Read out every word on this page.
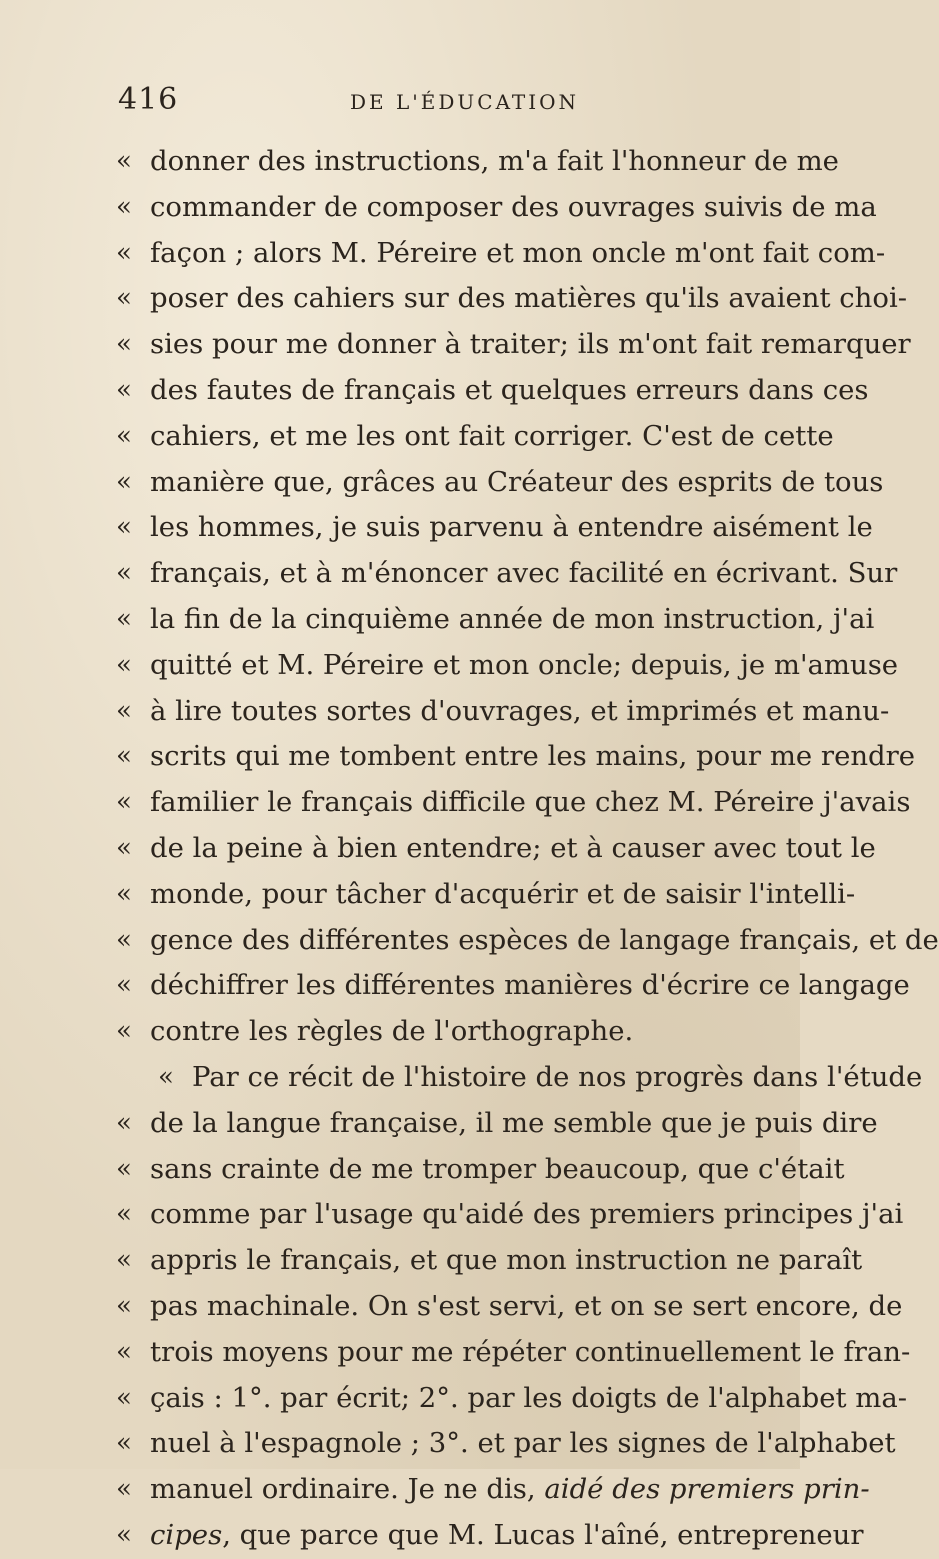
416	DE L'ÉDUCATION
« donner des instructions, m'a fait l'honneur de me
« commander de composer des ouvrages suivis de ma
« façon ; alors M. Péreire et mon oncle m'ont fait com-
« poser des cahiers sur des matières qu'ils avaient choi-
« sies pour me donner à traiter; ils m'ont fait remarquer
« des fautes de français et quelques erreurs dans ces
« cahiers, et me les ont fait corriger. C'est de cette
« manière que, grâces au Créateur des esprits de tous
« les hommes, je suis parvenu à entendre aisément le
« français, et à m'énoncer avec facilité en écrivant. Sur
« la fin de la cinquième année de mon instruction, j'ai
« quitté et M. Péreire et mon oncle; depuis, je m'amuse
« à lire toutes sortes d'ouvrages, et imprimés et manu-
« scrits qui me tombent entre les mains, pour me rendre
« familier le français difficile que chez M. Péreire j'avais
« de la peine à bien entendre; et à causer avec tout le
« monde, pour tâcher d'acquérir et de saisir l'intelli-
« gence des différentes espèces de langage français, et de
« déchiffrer les différentes manières d'écrire ce langage
« contre les règles de l'orthographe.
« Par ce récit de l'histoire de nos progrès dans l'étude
« de la langue française, il me semble que je puis dire
« sans crainte de me tromper beaucoup, que c'était
« comme par l'usage qu'aidé des premiers principes j'ai
« appris le français, et que mon instruction ne paraît
« pas machinale. On s'est servi, et on se sert encore, de
« trois moyens pour me répéter continuellement le fran-
« çais : 1°. par écrit; 2°. par les doigts de l'alphabet ma-
« nuel à l'espagnole ; 3°. et par les signes de l'alphabet
« manuel ordinaire. Je ne dis, aidé des premiers prin-
« cipes, que parce que M. Lucas l'aîné, entrepreneur
